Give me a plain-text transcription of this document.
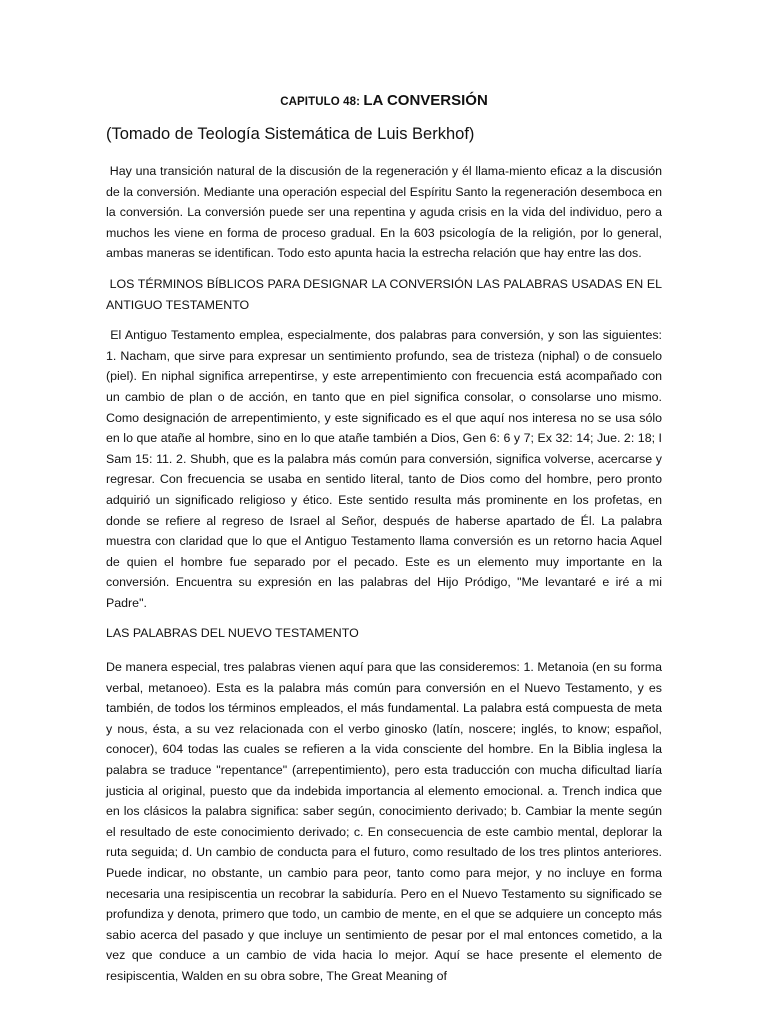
CAPITULO 48: LA CONVERSIÓN
(Tomado de Teología Sistemática de Luis Berkhof)

Hay una transición natural de la discusión de la regeneración y él llama-miento eficaz a la discusión de la conversión. Mediante una operación especial del Espíritu Santo la regeneración desemboca en la conversión. La conversión puede ser una repentina y aguda crisis en la vida del individuo, pero a muchos les viene en forma de proceso gradual. En la 603 psicología de la religión, por lo general, ambas maneras se identifican. Todo esto apunta hacia la estrecha relación que hay entre las dos.

LOS TÉRMINOS BÍBLICOS PARA DESIGNAR LA CONVERSIÓN LAS PALABRAS USADAS EN EL ANTIGUO TESTAMENTO

El Antiguo Testamento emplea, especialmente, dos palabras para conversión, y son las siguientes: 1. Nacham, que sirve para expresar un sentimiento profundo, sea de tristeza (niphal) o de consuelo (piel). En niphal significa arrepentirse, y este arrepentimiento con frecuencia está acompañado con un cambio de plan o de acción, en tanto que en piel significa consolar, o consolarse uno mismo. Como designación de arrepentimiento, y este significado es el que aquí nos interesa no se usa sólo en lo que atañe al hombre, sino en lo que atañe también a Dios, Gen 6: 6 y 7; Ex 32: 14; Jue. 2: 18; I Sam 15: 11. 2. Shubh, que es la palabra más común para conversión, significa volverse, acercarse y regresar. Con frecuencia se usaba en sentido literal, tanto de Dios como del hombre, pero pronto adquirió un significado religioso y ético. Este sentido resulta más prominente en los profetas, en donde se refiere al regreso de Israel al Señor, después de haberse apartado de Él. La palabra muestra con claridad que lo que el Antiguo Testamento llama conversión es un retorno hacia Aquel de quien el hombre fue separado por el pecado. Este es un elemento muy importante en la conversión. Encuentra su expresión en las palabras del Hijo Pródigo, "Me levantaré e iré a mi Padre".

LAS PALABRAS DEL NUEVO TESTAMENTO

De manera especial, tres palabras vienen aquí para que las consideremos: 1. Metanoia (en su forma verbal, metanoeo). Esta es la palabra más común para conversión en el Nuevo Testamento, y es también, de todos los términos empleados, el más fundamental. La palabra está compuesta de meta y nous, ésta, a su vez relacionada con el verbo ginosko (latín, noscere; inglés, to know; español, conocer), 604 todas las cuales se refieren a la vida consciente del hombre. En la Biblia inglesa la palabra se traduce "repentance" (arrepentimiento), pero esta traducción con mucha dificultad liaría justicia al original, puesto que da indebida importancia al elemento emocional. a. Trench indica que en los clásicos la palabra significa: saber según, conocimiento derivado; b. Cambiar la mente según el resultado de este conocimiento derivado; c. En consecuencia de este cambio mental, deplorar la ruta seguida; d. Un cambio de conducta para el futuro, como resultado de los tres plintos anteriores. Puede indicar, no obstante, un cambio para peor, tanto como para mejor, y no incluye en forma necesaria una resipiscentia un recobrar la sabiduría. Pero en el Nuevo Testamento su significado se profundiza y denota, primero que todo, un cambio de mente, en el que se adquiere un concepto más sabio acerca del pasado y que incluye un sentimiento de pesar por el mal entonces cometido, a la vez que conduce a un cambio de vida hacia lo mejor. Aquí se hace presente el elemento de resipiscentia, Walden en su obra sobre, The Great Meaning of
